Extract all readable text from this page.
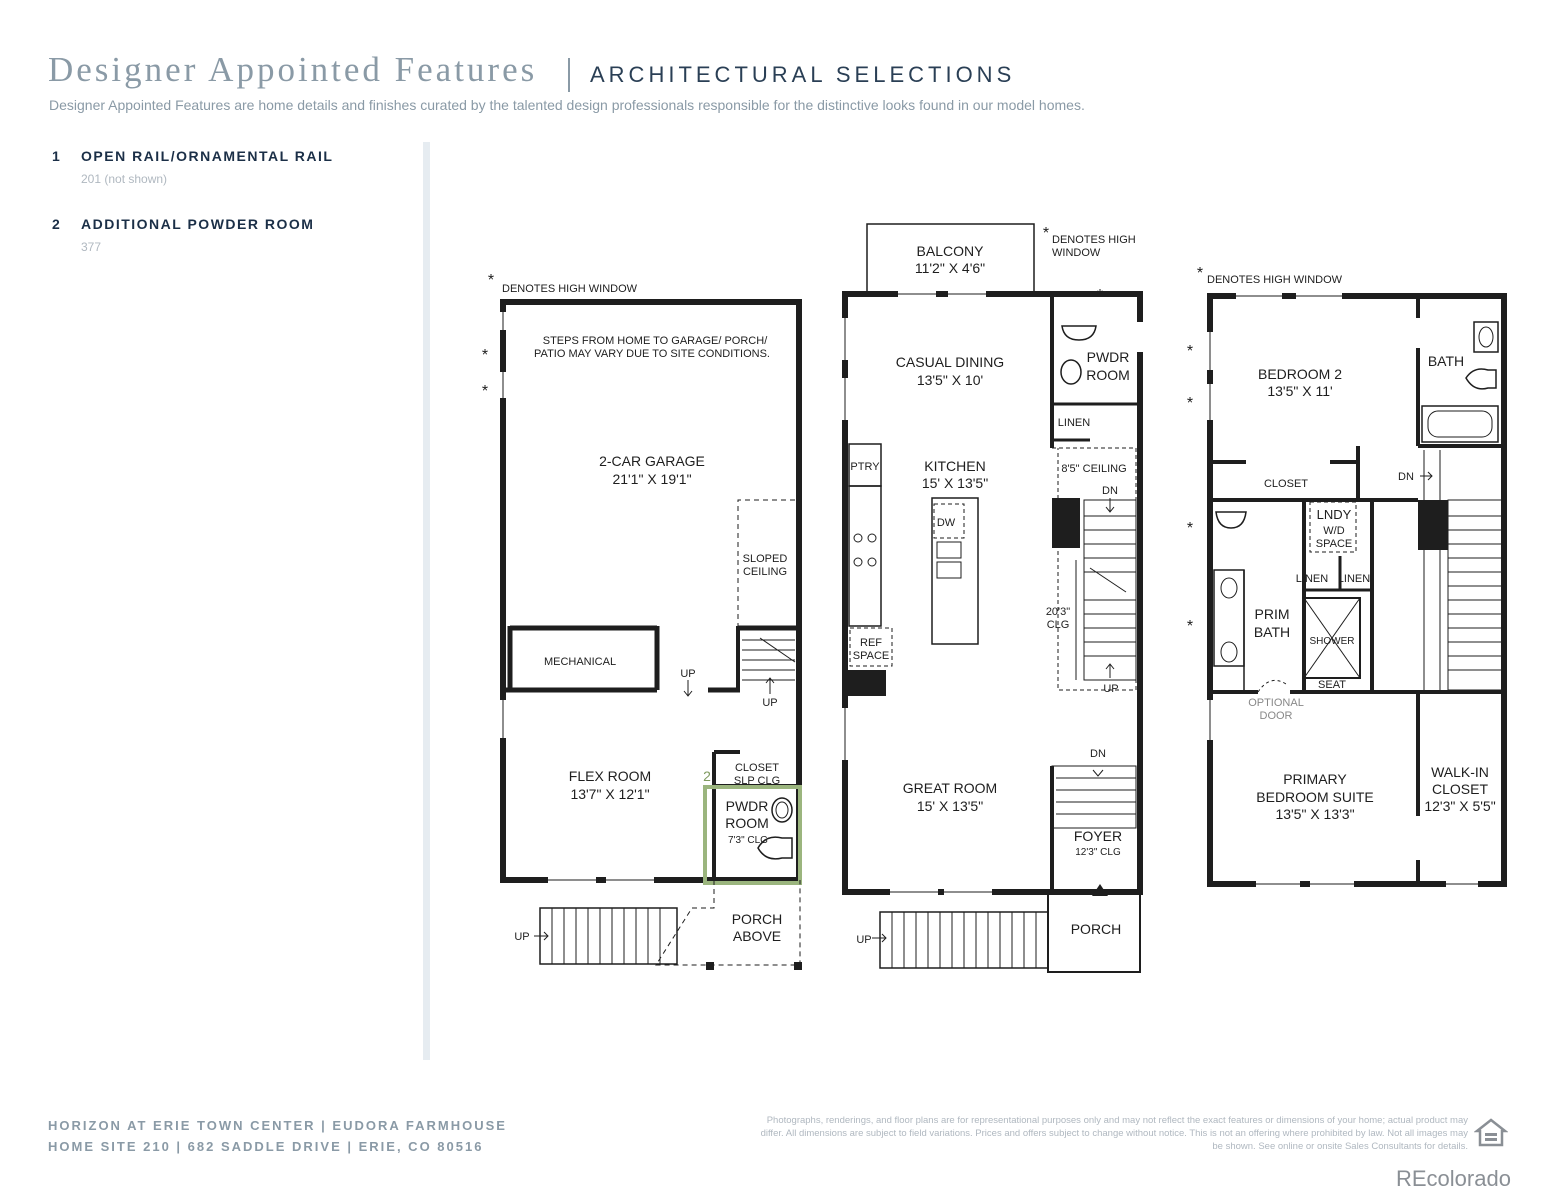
Designer Appointed Features ARCHITECTURAL SELECTIONS
Designer Appointed Features are home details and finishes curated by the talented design professionals responsible for the distinctive looks found in our model homes.
1 OPEN RAIL/ORNAMENTAL RAIL
201 (not shown)
2 ADDITIONAL POWDER ROOM
377
* DENOTES HIGH WINDOW
*
*
STEPS FROM HOME TO GARAGE/ PORCH/
PATIO MAY VARY DUE TO SITE CONDITIONS.
2-CAR GARAGE
21'1" X 19'1"
SLOPED
CEILING
MECHANICAL
UP
UP
FLEX ROOM
13'7" X 12'1"
CLOSET
SLP CLG
2
PWDR
ROOM
7'3" CLG
PORCH
ABOVE
UP
* DENOTES HIGH
WINDOW
*
BALCONY
11'2" X 4'6"
CASUAL DINING
13'5" X 10'
PWDR
ROOM
LINEN
8'5" CEILING
DN
PTRY	KITCHEN
15' X 13'5"
DW
20'3"
CLG
REF
SPACE
UP
DN
GREAT ROOM
15' X 13'5"
FOYER
12'3" CLG
PORCH
UP
* DENOTES HIGH WINDOW
*
*
*
*
BEDROOM 2
13'5" X 11'
BATH
CLOSET
DN
LNDY
W/D
SPACE
LINEN LINEN
PRIM
BATH
SHOWER
SEAT
OPTIONAL
DOOR
PRIMARY
BEDROOM SUITE
13'5" X 13'3"
WALK-IN
CLOSET
12'3" X 5'5"
HORIZON AT ERIE TOWN CENTER | EUDORA FARMHOUSE
HOME SITE 210 | 682 SADDLE DRIVE | ERIE, CO 80516
Photographs, renderings, and floor plans are for representational purposes only and may not reflect the exact features or dimensions of your home; actual product may differ. All dimensions are subject to field variations. Prices and offers subject to change without notice. This is not an offering where prohibited by law. Not all images may be shown. See online or onsite Sales Consultants for details.
REcolorado
